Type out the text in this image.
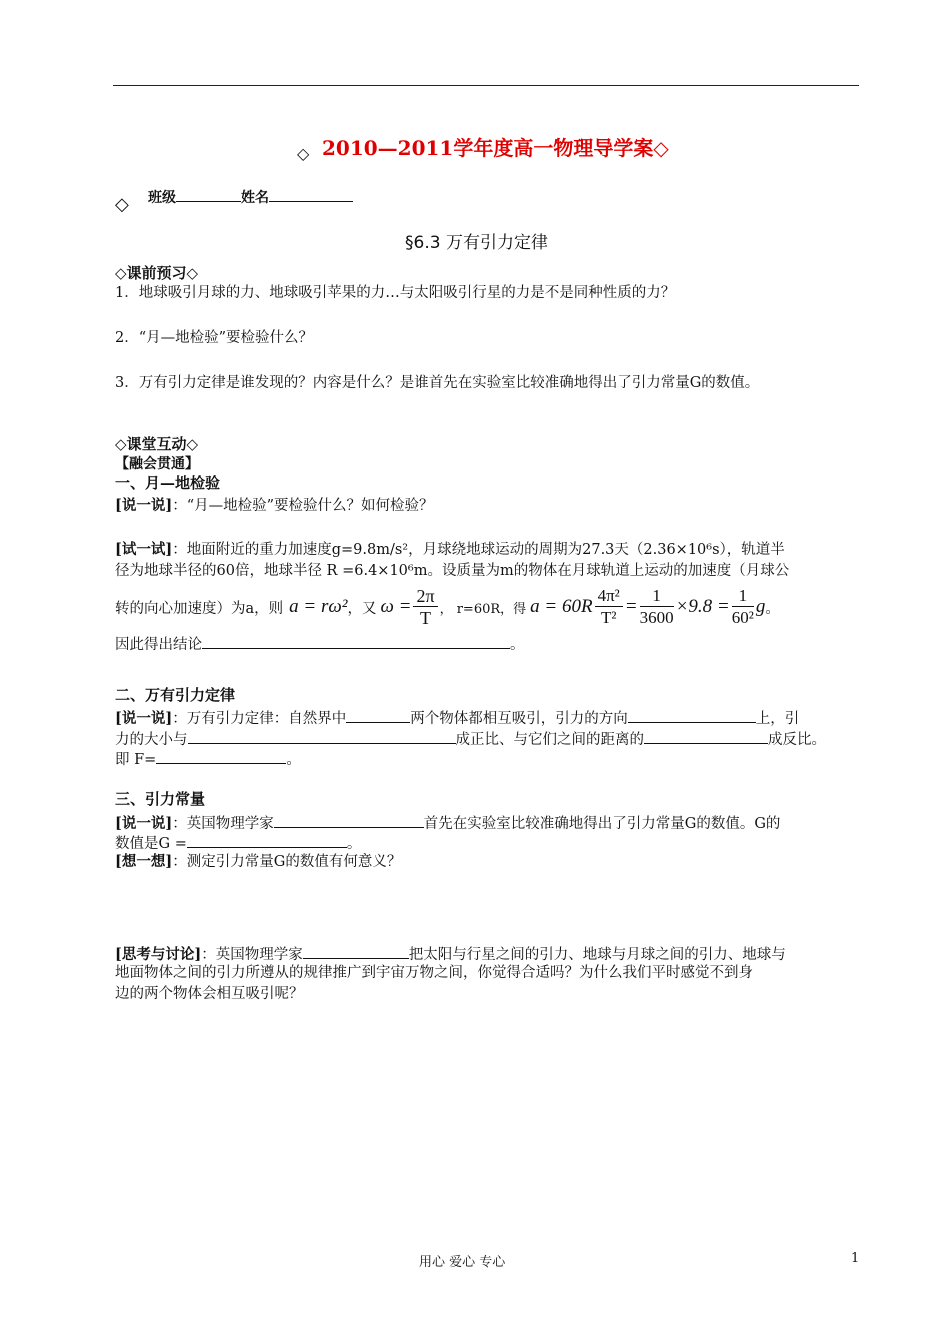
◇ 2010—2011学年度高一物理导学案◇
◇ 班级	姓名
§6.3 万有引力定律
◇课前预习◇
1．地球吸引月球的力、地球吸引苹果的力…与太阳吸引行星的力是不是同种性质的力？
2．“月—地检验”要检验什么？
3．万有引力定律是谁发现的？内容是什么？是谁首先在实验室比较准确地得出了引力常量G的数值。
◇课堂互动◇
【融会贯通】
一、月—地检验
[说一说]：“月—地检验”要检验什么？如何检验？
[试一试]：地面附近的重力加速度g=9.8m/s²，月球绕地球运动的周期为27.3天（2.36×10⁶s），轨道半
径为地球半径的60倍，地球半径 R =6.4×10⁶m。设质量为m的物体在月球轨道上运动的加速度（月球公
转的向心加速度）为a，则 a = rω² ，又 $\omega = \frac{2\pi}{T}$ ， r=60R，得 $a = 60R \frac{\text{4π²}}{\text{T²}} = \frac{1}{3600} \times 9.8 = \frac{1}{\text{60²}}$ g 。
因此得出结论	。
二、万有引力定律
[说一说]：万有引力定律：自然界中	两个物体都相互吸引，引力的方向	上，引
力的大小与	成正比、与它们之间的距离的	成反比。
即 F=	。
三、引力常量
[说一说]：英国物理学家	首先在实验室比较准确地得出了引力常量G的数值。G的
数值是G =	。
[想一想]：测定引力常量G的数值有何意义？
[思考与讨论]：英国物理学家	把太阳与行星之间的引力、地球与月球之间的引力、地球与
地面物体之间的引力所遵从的规律推广到宇宙万物之间，你觉得合适吗？为什么我们平时感觉不到身
边的两个物体会相互吸引呢？
用心 爱心 专心	1
